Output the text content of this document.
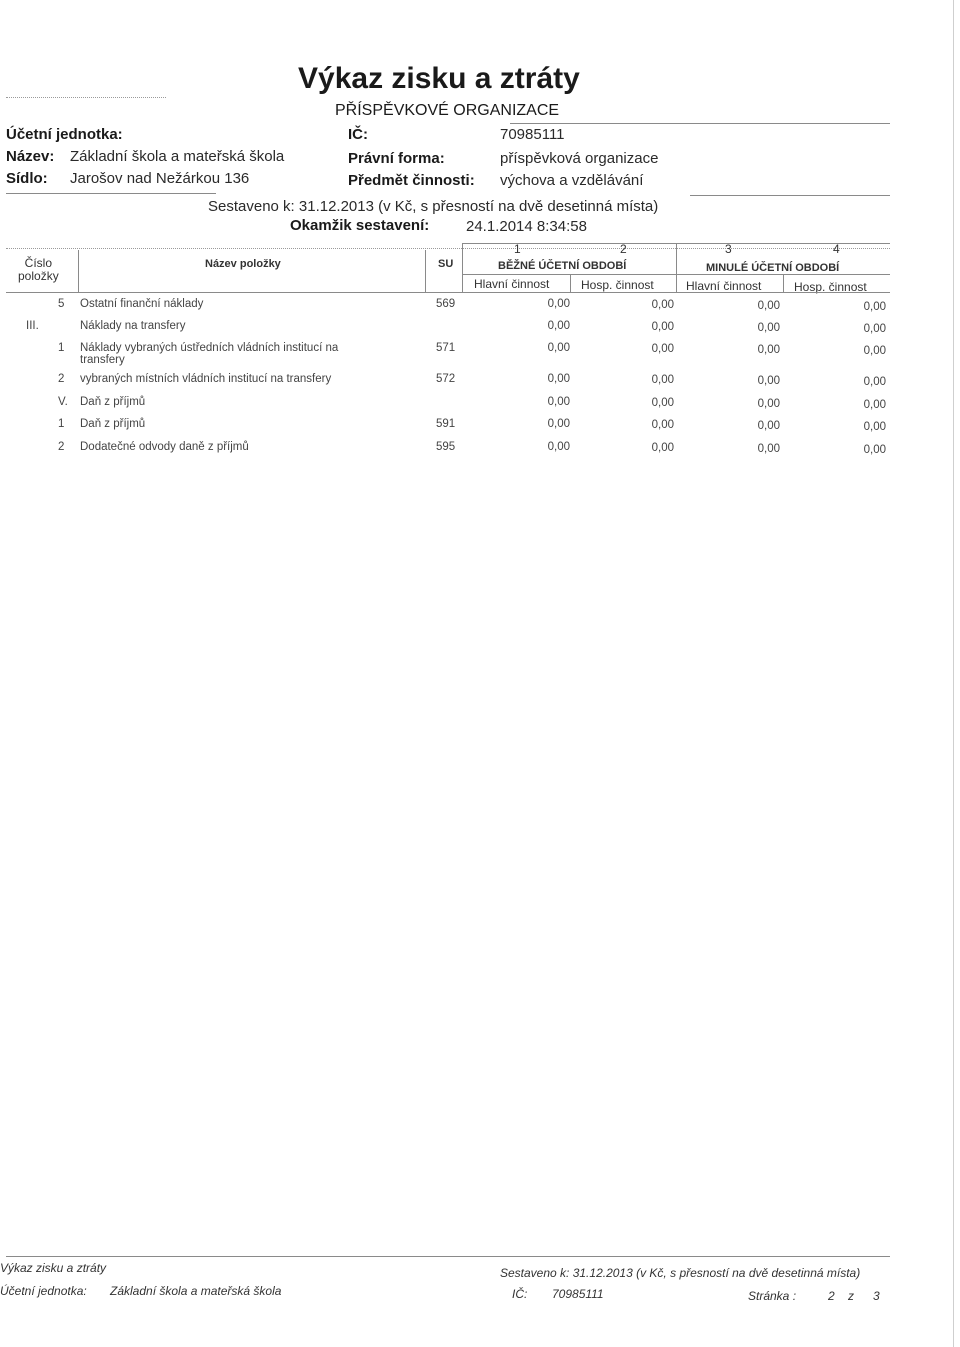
Výkaz zisku a ztráty
PŘÍSPĚVKOVÉ ORGANIZACE
Účetní jednotka:	IČ:	70985111
Název: Základní škola a mateřská škola	Právní forma:	příspěvková organizace
Sídlo: Jarošov nad Nežárkou 136	Předmět činnosti: výchova a vzdělávání
Sestaveno k: 31.12.2013 (v Kč, s přesností na dvě desetinná místa)
Okamžik sestavení: 24.1.2014 8:34:58
1	2	3	4
Číslo
položky
Název položky	SU	BĚŽNÉ ÚČETNÍ OBDOBÍ	MINULÉ ÚČETNÍ OBDOBÍ
Hlavní činnost	Hosp. činnost	Hlavní činnost	Hosp. činnost
5 Ostatní finanční náklady	569	0,00	0,00	0,00	0,00
III.	Náklady na transfery	0,00	0,00	0,00	0,00
1 Náklady vybraných ústředních vládních institucí na
transfery
571	0,00	0,00	0,00	0,00
2 vybraných místních vládních institucí na transfery	572	0,00	0,00	0,00	0,00
V. Daň z příjmů	0,00	0,00	0,00	0,00
1 Daň z příjmů	591	0,00	0,00	0,00	0,00
2 Dodatečné odvody daně z příjmů	595	0,00	0,00	0,00	0,00
Výkaz zisku a ztráty	Sestaveno k: 31.12.2013 (v Kč, s přesností na dvě desetinná místa)
Účetní jednotka: Základní škola a mateřská škola	IČ: 70985111	Stránka :	2 z 3
